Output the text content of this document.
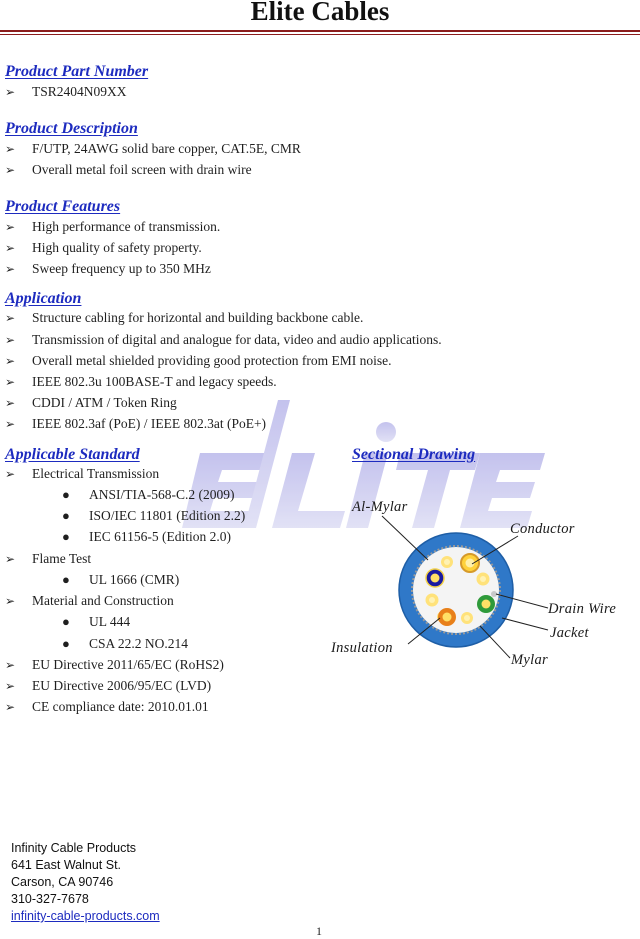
Elite Cables
Product Part Number
➢ TSR2404N09XX
Product Description
➢ F/UTP, 24AWG solid bare copper, CAT.5E, CMR
➢ Overall metal foil screen with drain wire
Product Features
➢ High performance of transmission.
➢ High quality of safety property.
➢ Sweep frequency up to 350 MHz
Application
➢ Structure cabling for horizontal and building backbone cable.
➢ Transmission of digital and analogue for data, video and audio applications.
➢ Overall metal shielded providing good protection from EMI noise.
➢ IEEE 802.3u 100BASE-T and legacy speeds.
➢ CDDI / ATM / Token Ring
➢ IEEE 802.3af (PoE) / IEEE 802.3at (PoE+)
Applicable Standard
➢ Electrical Transmission
● ANSI/TIA-568-C.2 (2009)
● ISO/IEC 11801 (Edition 2.2)
● IEC 61156-5 (Edition 2.0)
➢ Flame Test
● UL 1666 (CMR)
➢ Material and Construction
● UL 444
● CSA 22.2 NO.214
➢ EU Directive 2011/65/EC (RoHS2)
➢ EU Directive 2006/95/EC (LVD)
➢ CE compliance date: 2010.01.01
Sectional Drawing
Al-Mylar
Conductor
Drain Wire
Jacket
Insulation
Mylar
Infinity Cable Products
641 East Walnut St.
Carson, CA 90746
310-327-7678
infinity-cable-products.com
1
